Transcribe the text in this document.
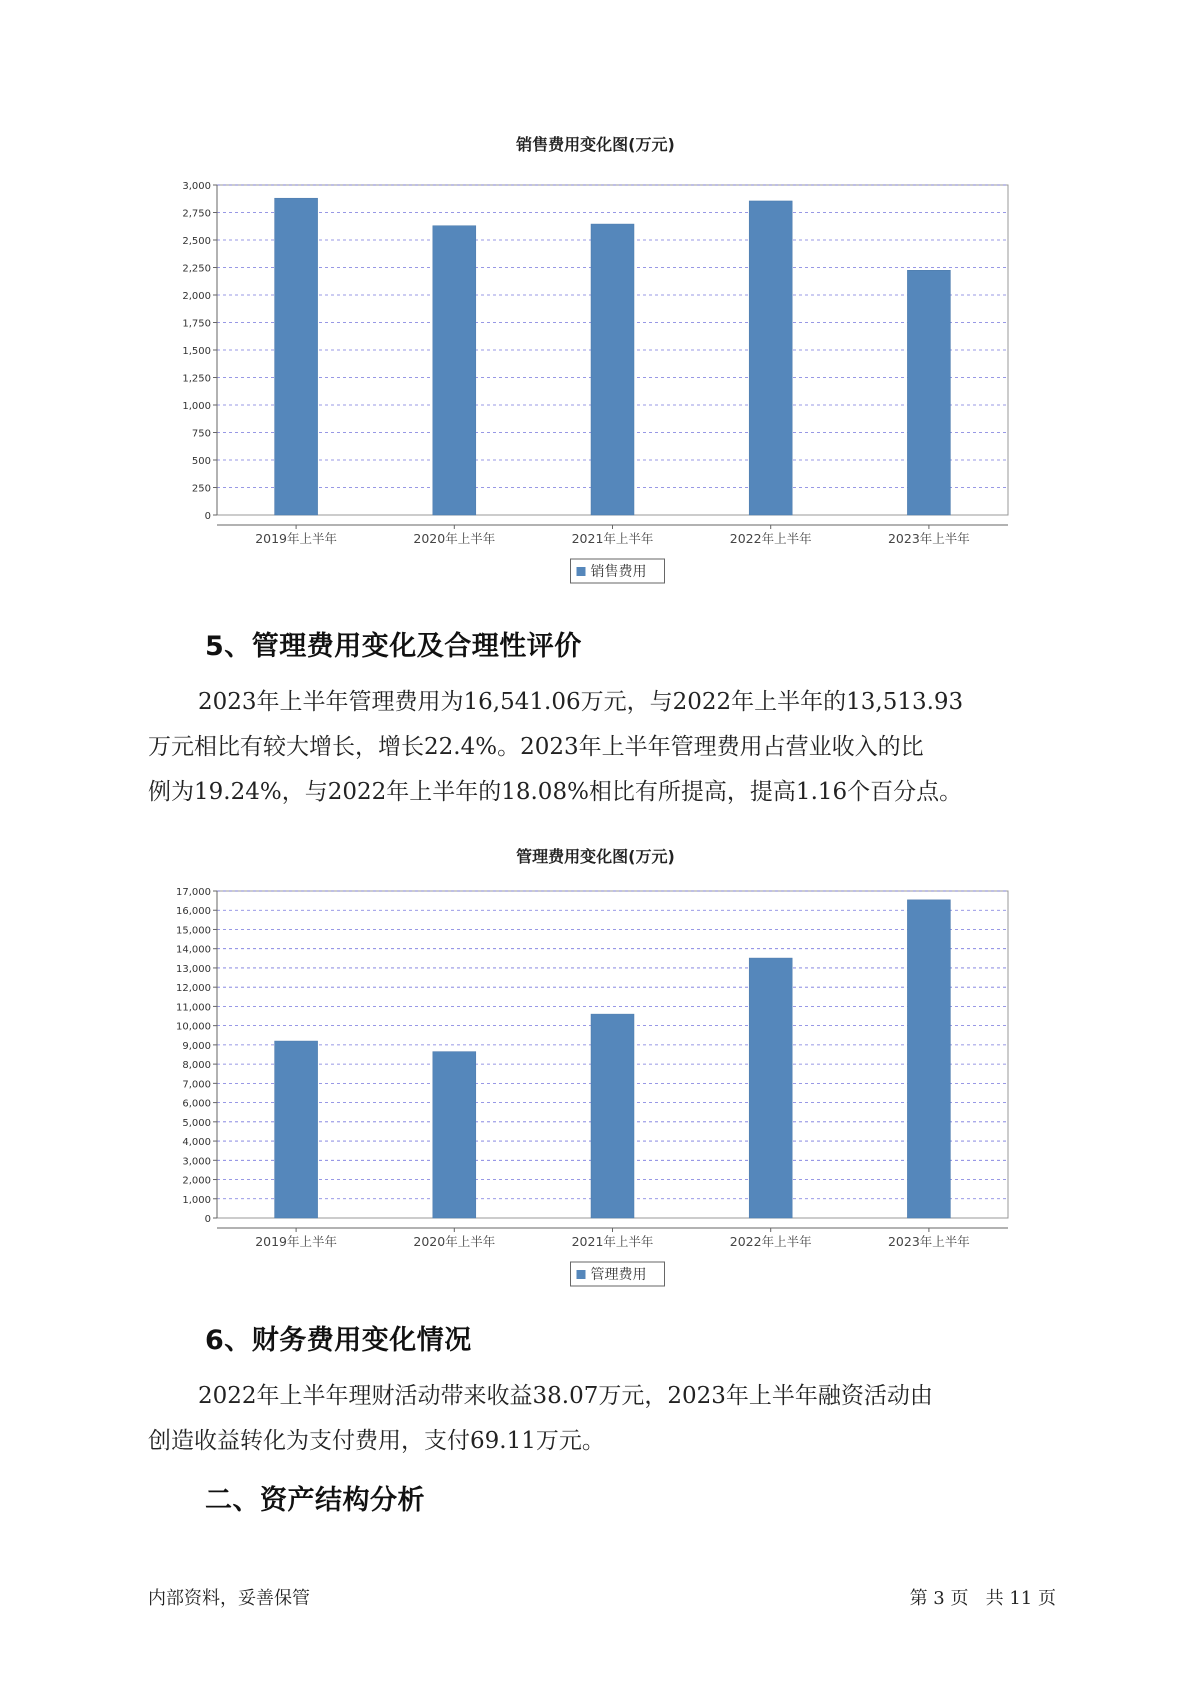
销售费用变化图(万元)
0
250
500
750
1,000
1,250
1,500
1,750
2,000
2,250
2,500
2,750
3,000
2019年上半年	2020年上半年	2021年上半年	2022年上半年	2023年上半年
销售费用
5、管理费用变化及合理性评价
2023年上半年管理费用为16,541.06万元，与2022年上半年的13,513.93
万元相比有较大增长，增长22.4%。2023年上半年管理费用占营业收入的比
例为19.24%，与2022年上半年的18.08%相比有所提高，提高1.16个百分点。
管理费用变化图(万元)
0
1,000
2,000
3,000
4,000
5,000
6,000
7,000
8,000
9,000
10,000
11,000
12,000
13,000
14,000
15,000
16,000
17,000
2019年上半年	2020年上半年	2021年上半年	2022年上半年	2023年上半年
管理费用
6、财务费用变化情况
2022年上半年理财活动带来收益38.07万元，2023年上半年融资活动由
创造收益转化为支付费用，支付69.11万元。
二、资产结构分析
内部资料，妥善保管	第 3 页   共 11 页
